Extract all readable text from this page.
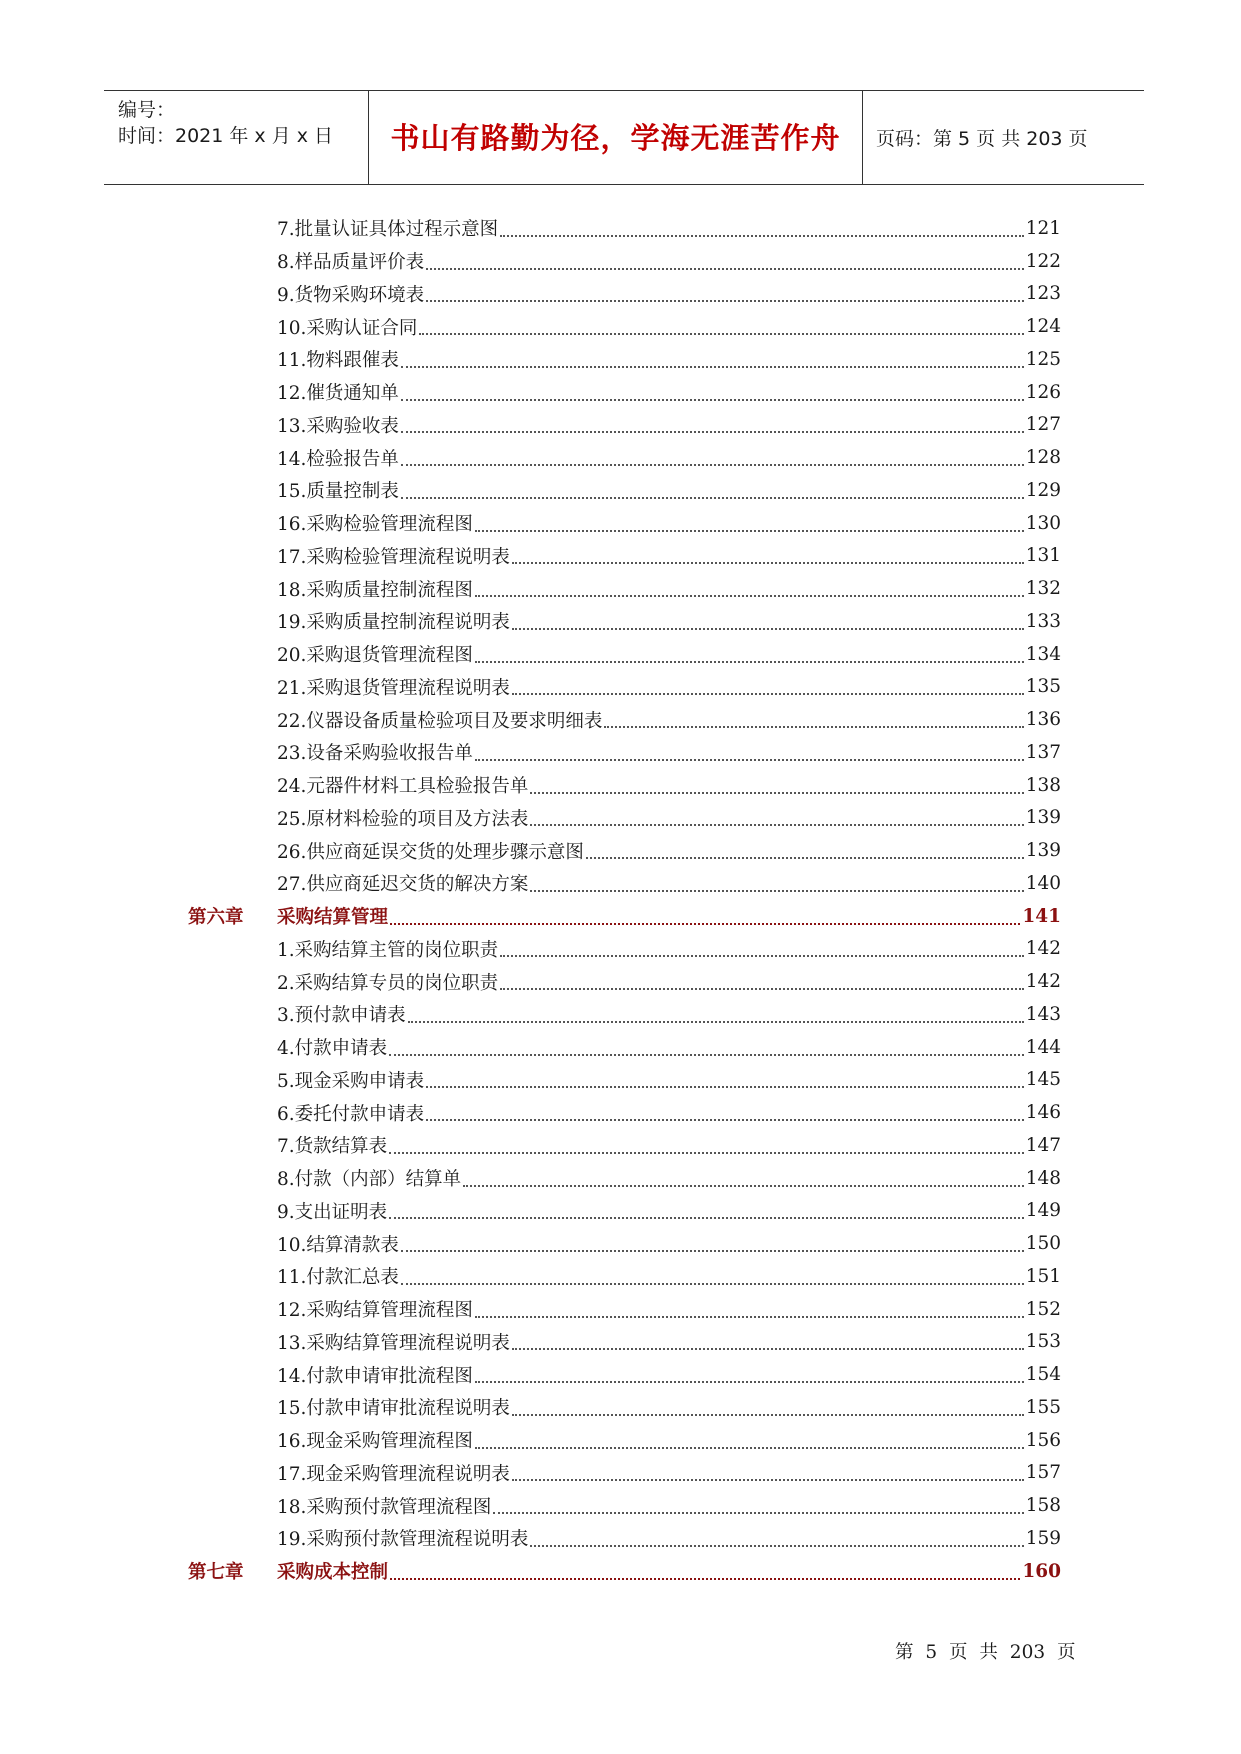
编号：
时间：2021 年 x 月 x 日	书山有路勤为径，学海无涯苦作舟	页码：第 5 页 共 203 页
7.批量认证具体过程示意图	121
8.样品质量评价表	122
9.货物采购环境表	123
10.采购认证合同	124
11.物料跟催表	125
12.催货通知单	126
13.采购验收表	127
14.检验报告单	128
15.质量控制表	129
16.采购检验管理流程图	130
17.采购检验管理流程说明表	131
18.采购质量控制流程图	132
19.采购质量控制流程说明表	133
20.采购退货管理流程图	134
21.采购退货管理流程说明表	135
22.仪器设备质量检验项目及要求明细表	136
23.设备采购验收报告单	137
24.元器件材料工具检验报告单	138
25.原材料检验的项目及方法表	139
26.供应商延误交货的处理步骤示意图	139
27.供应商延迟交货的解决方案	140
第六章 采购结算管理	141
1.采购结算主管的岗位职责	142
2.采购结算专员的岗位职责	142
3.预付款申请表	143
4.付款申请表	144
5.现金采购申请表	145
6.委托付款申请表	146
7.货款结算表	147
8.付款（内部）结算单	148
9.支出证明表	149
10.结算清款表	150
11.付款汇总表	151
12.采购结算管理流程图	152
13.采购结算管理流程说明表	153
14.付款申请审批流程图	154
15.付款申请审批流程说明表	155
16.现金采购管理流程图	156
17.现金采购管理流程说明表	157
18.采购预付款管理流程图	158
19.采购预付款管理流程说明表	159
第七章 采购成本控制	160
第 5 页 共 203 页
